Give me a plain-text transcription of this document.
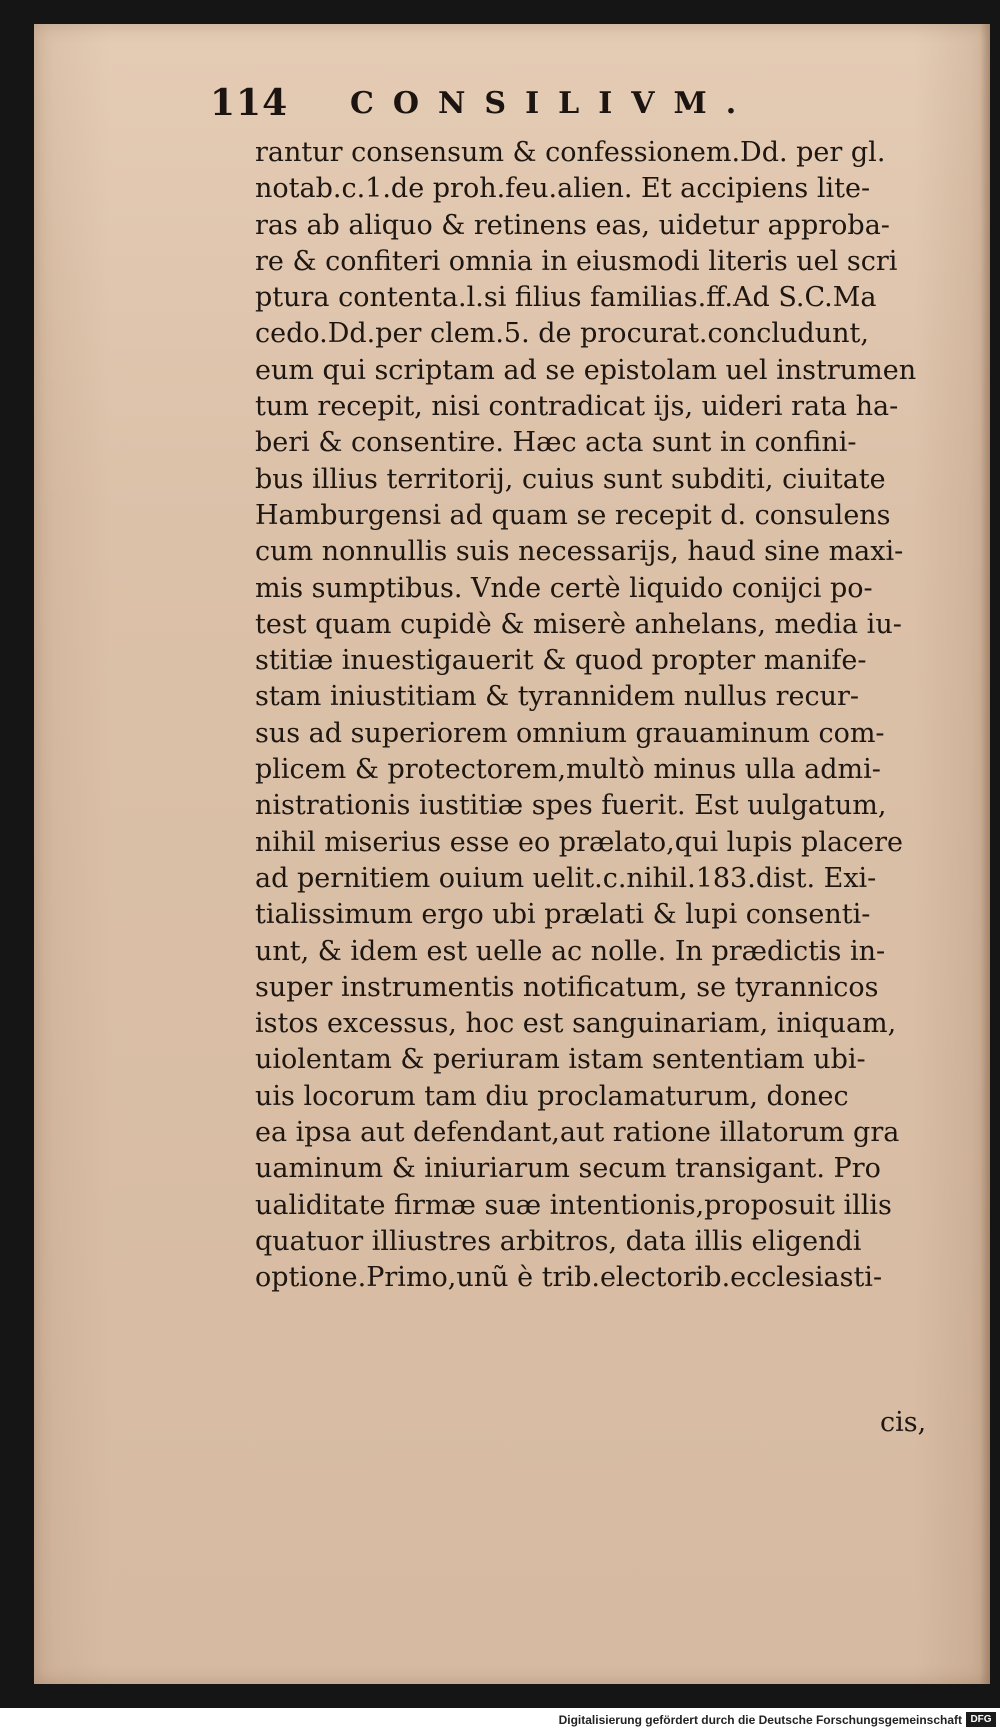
114 CONSILIVM.
rantur consensum & confessionem.Dd. per gl.
notab.c.1.de proh.feu.alien. Et accipiens lite-
ras ab aliquo & retinens eas, uidetur approba-
re & confiteri omnia in eiusmodi literis uel scri
ptura contenta.l.si filius familias.ff.Ad S.C.Ma
cedo.Dd.per clem.5. de procurat.concludunt,
eum qui scriptam ad se epistolam uel instrumen
tum recepit, nisi contradicat ijs, uideri rata ha-
beri & consentire. Hæc acta sunt in confini-
bus illius territorij, cuius sunt subditi, ciuitate
Hamburgensi ad quam se recepit d. consulens
cum nonnullis suis necessarijs, haud sine maxi-
mis sumptibus. Vnde certè liquido conijci po-
test quam cupidè & miserè anhelans, media iu-
stitiæ inuestigauerit & quod propter manife-
stam iniustitiam & tyrannidem nullus recur-
sus ad superiorem omnium grauaminum com-
plicem & protectorem,multò minus ulla admi-
nistrationis iustitiæ spes fuerit. Est uulgatum,
nihil miserius esse eo prælato,qui lupis placere
ad pernitiem ouium uelit.c.nihil.183.dist. Exi-
tialissimum ergo ubi prælati & lupi consenti-
unt, & idem est uelle ac nolle. In prædictis in-
super instrumentis notificatum, se tyrannicos
istos excessus, hoc est sanguinariam, iniquam,
uiolentam & periuram istam sententiam ubi-
uis locorum tam diu proclamaturum, donec
ea ipsa aut defendant,aut ratione illatorum gra
uaminum & iniuriarum secum transigant. Pro
ualiditate firmæ suæ intentionis,proposuit illis
quatuor illiustres arbitros, data illis eligendi
optione.Primo,unũ è trib.electorib.ecclesiasti-
cis,
Digitalisierung gefördert durch die Deutsche Forschungsgemeinschaft DFG
